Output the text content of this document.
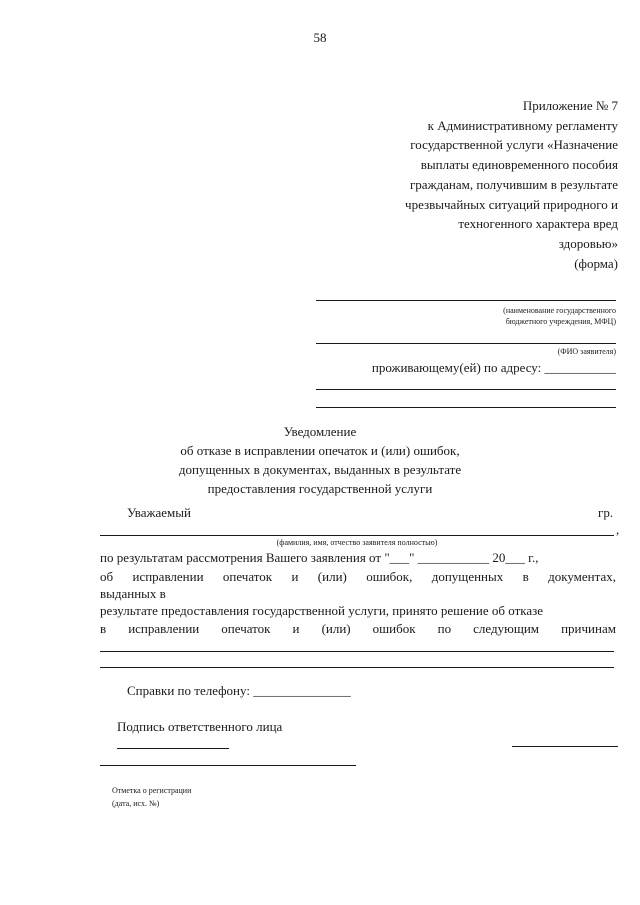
58
Приложение № 7
к Административному регламенту
государственной услуги «Назначение
выплаты единовременного пособия
гражданам, получившим в результате
чрезвычайных ситуаций природного и
техногенного характера вред
здоровью»
(форма)
(наименование государственного
бюджетного учреждения, МФЦ)
(ФИО заявителя)
проживающему(ей) по адресу: ___________
Уведомление
об отказе в исправлении опечаток и (или) ошибок,
допущенных в документах, выданных в результате
предоставления государственной услуги
Уважаемый	гр.
,
(фамилия, имя, отчество заявителя полностью)
по результатам рассмотрения Вашего заявления от "___" ___________ 20___ г.,
об исправлении опечаток и (или) ошибок, допущенных в документах,
выданных в
результате предоставления государственной услуги, принято решение об отказе
в исправлении опечаток и (или) ошибок по следующим причинам
Справки по телефону: _______________
Подпись ответственного лица
Отметка о регистрации
(дата, исх. №)
